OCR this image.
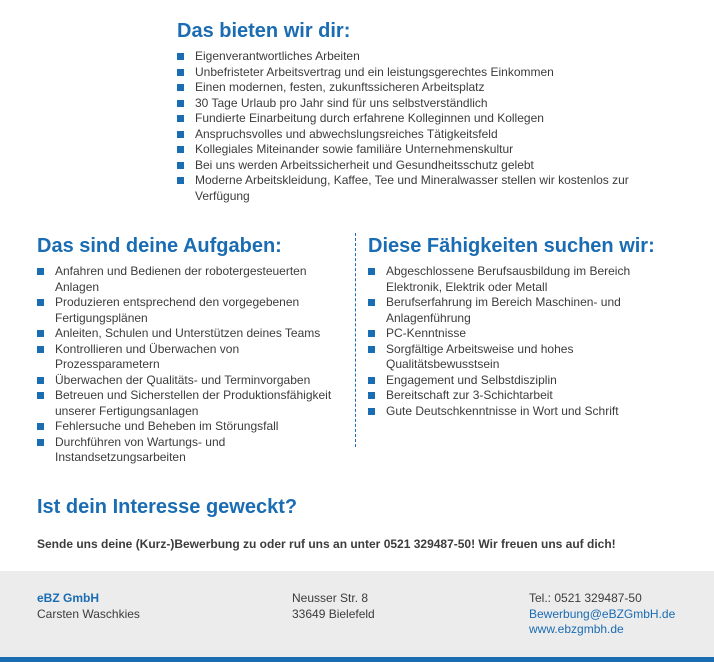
Das bieten wir dir:
Eigenverantwortliches Arbeiten
Unbefristeter Arbeitsvertrag und ein leistungsgerechtes Einkommen
Einen modernen, festen, zukunftssicheren Arbeitsplatz
30 Tage Urlaub pro Jahr sind für uns selbstverständlich
Fundierte Einarbeitung durch erfahrene Kolleginnen und Kollegen
Anspruchsvolles und abwechslungsreiches Tätigkeitsfeld
Kollegiales Miteinander sowie familiäre Unternehmenskultur
Bei uns werden Arbeitssicherheit und Gesundheitsschutz gelebt
Moderne Arbeitskleidung, Kaffee, Tee und Mineralwasser stellen wir kostenlos zur Verfügung
Das sind deine Aufgaben:
Anfahren und Bedienen der robotergesteuerten Anlagen
Produzieren entsprechend den vorgegebenen Fertigungsplänen
Anleiten, Schulen und Unterstützen deines Teams
Kontrollieren und Überwachen von Prozessparametern
Überwachen der Qualitäts- und Terminvorgaben
Betreuen und Sicherstellen der Produktionsfähigkeit unserer Fertigungsanlagen
Fehlersuche und Beheben im Störungsfall
Durchführen von Wartungs- und Instandsetzungsarbeiten
Diese Fähigkeiten suchen wir:
Abgeschlossene Berufsausbildung im Bereich Elektronik, Elektrik oder Metall
Berufserfahrung im Bereich Maschinen- und Anlagenführung
PC-Kenntnisse
Sorgfältige Arbeitsweise und hohes Qualitätsbewusstsein
Engagement und Selbstdisziplin
Bereitschaft zur 3-Schichtarbeit
Gute Deutschkenntnisse in Wort und Schrift
Ist dein Interesse geweckt?

Sende uns deine (Kurz-)Bewerbung zu oder ruf uns an unter 0521 329487-50! Wir freuen uns auf dich!

eBZ GmbH
Carsten Waschkies
Neusser Str. 8
33649 Bielefeld
Tel.: 0521 329487-50
Bewerbung@eBZGmbH.de
www.ebzgmbh.de
